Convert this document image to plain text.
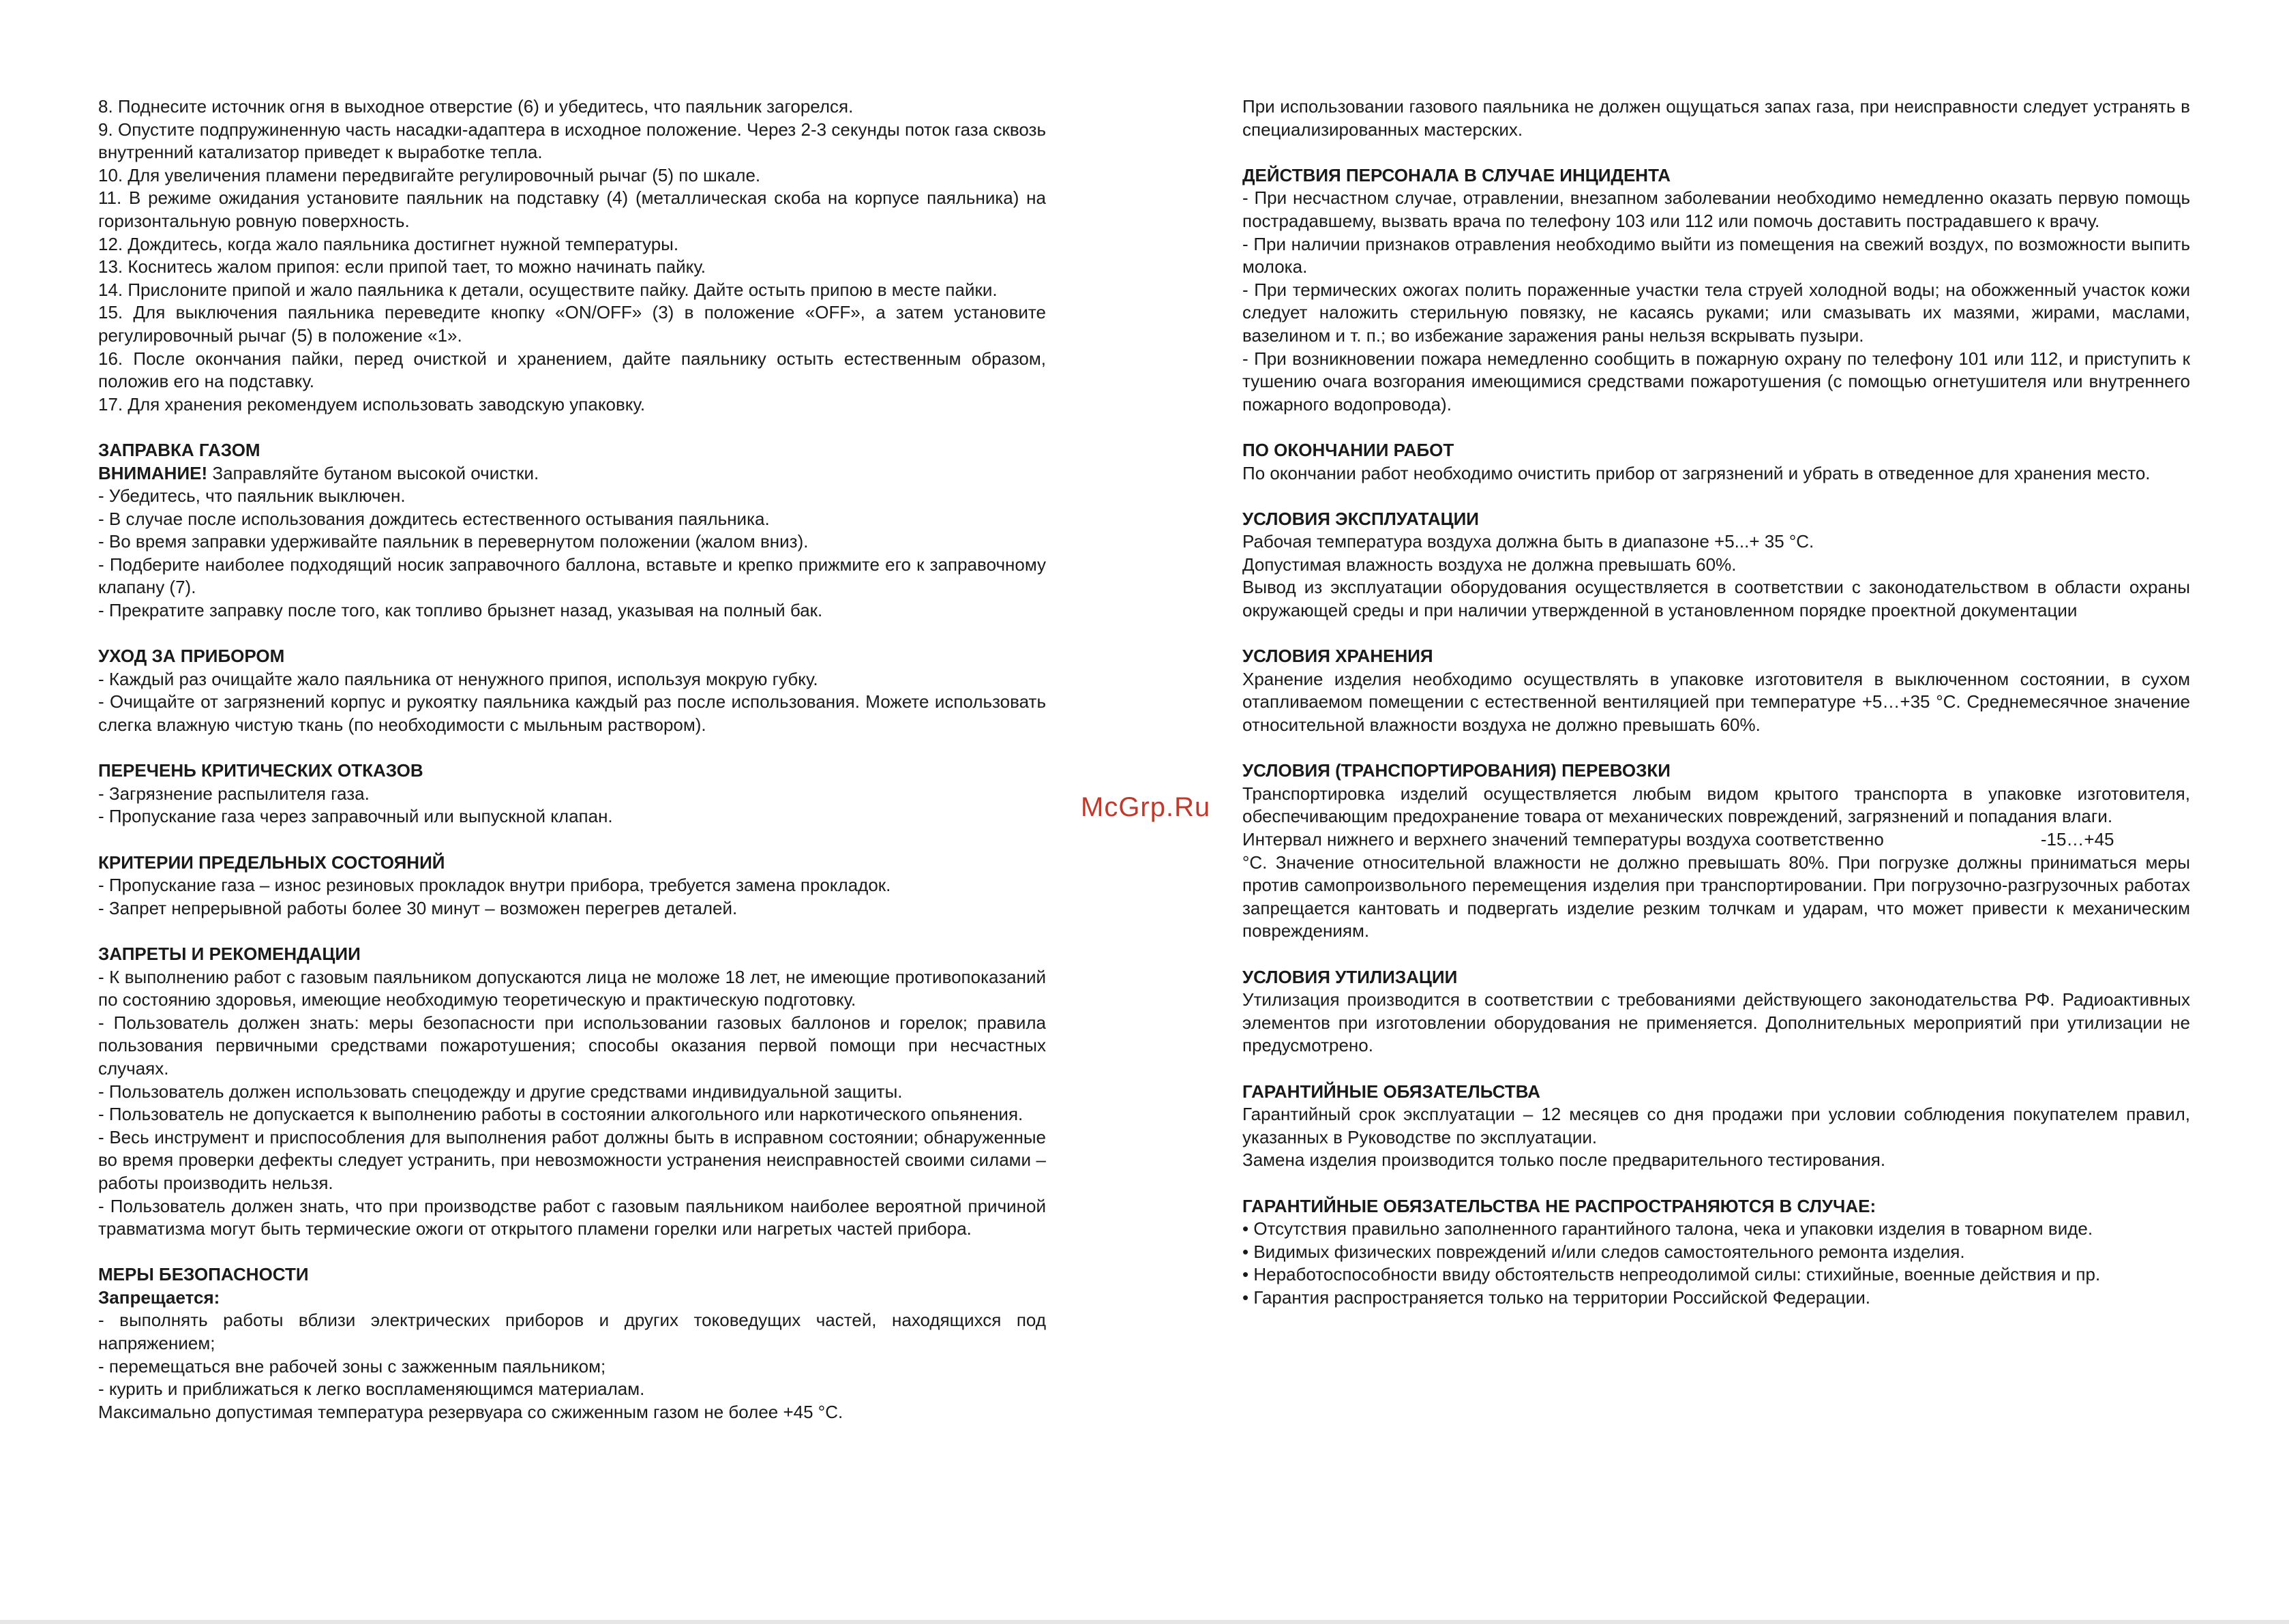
8. Поднесите источник огня в выходное отверстие (6) и убедитесь, что паяльник загорелся.

9. Опустите подпружиненную часть насадки-адаптера в исходное положение. Через 2-3 секунды поток газа сквозь внутренний катализатор приведет к выработке тепла.

10. Для увеличения пламени передвигайте регулировочный рычаг (5) по шкале.

11. В режиме ожидания установите паяльник на подставку (4) (металлическая скоба на корпусе паяльника) на горизонтальную ровную поверхность.

12. Дождитесь, когда жало паяльника достигнет нужной температуры.

13. Коснитесь жалом припоя: если припой тает, то можно начинать пайку.

14. Прислоните припой и жало паяльника к детали, осуществите пайку. Дайте остыть припою в месте пайки.

15. Для выключения паяльника переведите кнопку «ON/OFF» (3) в положение «OFF», а затем установите регулировочный рычаг (5) в положение «1».

16. После окончания пайки, перед очисткой и хранением, дайте паяльнику остыть естественным образом, положив его на подставку.

17. Для хранения рекомендуем использовать заводскую упаковку.

ЗАПРАВКА ГАЗОМ

ВНИМАНИЕ! Заправляйте бутаном высокой очистки.

- Убедитесь, что паяльник выключен.

- В случае после использования дождитесь естественного остывания паяльника.

- Во время заправки удерживайте паяльник в перевернутом положении (жалом вниз).

- Подберите наиболее подходящий носик заправочного баллона, вставьте и крепко прижмите его к заправочному клапану (7).

- Прекратите заправку после того, как топливо брызнет назад, указывая на полный бак.

УХОД ЗА ПРИБОРОМ

- Каждый раз очищайте жало паяльника от ненужного припоя, используя мокрую губку.

- Очищайте от загрязнений корпус и рукоятку паяльника каждый раз после использования. Можете использовать слегка влажную чистую ткань (по необходимости с мыльным раствором).

ПЕРЕЧЕНЬ КРИТИЧЕСКИХ ОТКАЗОВ

- Загрязнение распылителя газа.

- Пропускание газа через заправочный или выпускной клапан.

КРИТЕРИИ ПРЕДЕЛЬНЫХ СОСТОЯНИЙ

- Пропускание газа – износ резиновых прокладок внутри прибора, требуется замена прокладок.

- Запрет непрерывной работы более 30 минут – возможен перегрев деталей.

ЗАПРЕТЫ И РЕКОМЕНДАЦИИ

- К выполнению работ с газовым паяльником допускаются лица не моложе 18 лет, не имеющие противопоказаний по состоянию здоровья, имеющие необходимую теоретическую и практическую подготовку.

- Пользователь должен знать: меры безопасности при использовании газовых баллонов и горелок; правила пользования первичными средствами пожаротушения; способы оказания первой помощи при несчастных случаях.

- Пользователь должен использовать спецодежду и другие средствами индивидуальной защиты.

- Пользователь не допускается к выполнению работы в состоянии алкогольного или наркотического опьянения.

- Весь инструмент и приспособления для выполнения работ должны быть в исправном состоянии; обнаруженные во время проверки дефекты следует устранить, при невозможности устранения неисправностей своими силами – работы производить нельзя.

- Пользователь должен знать, что при производстве работ с газовым паяльником наиболее вероятной причиной травматизма могут быть термические ожоги от открытого пламени горелки или нагретых частей прибора.

МЕРЫ БЕЗОПАСНОСТИ

Запрещается:

- выполнять работы вблизи электрических приборов и других токоведущих частей, находящихся под напряжением;

- перемещаться вне рабочей зоны с зажженным паяльником;

- курить и приближаться к легко воспламеняющимся материалам.

Максимально допустимая температура резервуара со сжиженным газом не более +45 °С.

McGrp.Ru

При использовании газового паяльника не должен ощущаться запах газа, при неисправности следует устранять в специализированных мастерских.

ДЕЙСТВИЯ ПЕРСОНАЛА В СЛУЧАЕ ИНЦИДЕНТА

- При несчастном случае, отравлении, внезапном заболевании необходимо немедленно оказать первую помощь пострадавшему, вызвать врача по телефону 103 или 112 или помочь доставить пострадавшего к врачу.

- При наличии признаков отравления необходимо выйти из помещения на свежий воздух, по возможности выпить молока.

- При термических ожогах полить пораженные участки тела струей холодной воды; на обожженный участок кожи следует наложить стерильную повязку, не касаясь руками; или смазывать их мазями, жирами, маслами, вазелином и т. п.; во избежание заражения раны нельзя вскрывать пузыри.

- При возникновении пожара немедленно сообщить в пожарную охрану по телефону 101 или 112, и приступить к тушению очага возгорания имеющимися средствами пожаротушения (с помощью огнетушителя или внутреннего пожарного водопровода).

ПО ОКОНЧАНИИ РАБОТ

По окончании работ необходимо очистить прибор от загрязнений и убрать в отведенное для хранения место.

УСЛОВИЯ ЭКСПЛУАТАЦИИ

Рабочая температура воздуха должна быть в диапазоне +5...+ 35 °С.

Допустимая влажность воздуха не должна превышать 60%.

Вывод из эксплуатации оборудования осуществляется в соответствии с законодательством в области охраны окружающей среды и при наличии утвержденной в установленном порядке проектной документации

УСЛОВИЯ ХРАНЕНИЯ

Хранение изделия необходимо осуществлять в упаковке изготовителя в выключенном состоянии, в сухом отапливаемом помещении с естественной вентиляцией при температуре +5…+35 °С. Среднемесячное значение относительной влажности воздуха не должно превышать 60%.

УСЛОВИЯ (ТРАНСПОРТИРОВАНИЯ) ПЕРЕВОЗКИ

Транспортировка изделий осуществляется любым видом крытого транспорта в упаковке изготовителя, обеспечивающим предохранение товара от механических повреждений, загрязнений и попадания влаги.

Интервал нижнего и верхнего значений температуры воздуха соответственно	-15…+45

°С. Значение относительной влажности не должно превышать 80%. При погрузке должны приниматься меры против самопроизвольного перемещения изделия при транспортировании. При погрузочно-разгрузочных работах запрещается кантовать и подвергать изделие резким толчкам и ударам, что может привести к механическим повреждениям.

УСЛОВИЯ УТИЛИЗАЦИИ

Утилизация производится в соответствии с требованиями действующего законодательства РФ. Радиоактивных элементов при изготовлении оборудования не применяется. Дополнительных мероприятий при утилизации не предусмотрено.

ГАРАНТИЙНЫЕ ОБЯЗАТЕЛЬСТВА

Гарантийный срок эксплуатации – 12 месяцев со дня продажи при условии соблюдения покупателем правил, указанных в Руководстве по эксплуатации.

Замена изделия производится только после предварительного тестирования.

ГАРАНТИЙНЫЕ ОБЯЗАТЕЛЬСТВА НЕ РАСПРОСТРАНЯЮТСЯ В СЛУЧАЕ:

• Отсутствия правильно заполненного гарантийного талона, чека и упаковки изделия в товарном виде.

• Видимых физических повреждений и/или следов самостоятельного ремонта изделия.

• Неработоспособности ввиду обстоятельств непреодолимой силы: стихийные, военные действия и пр.

• Гарантия распространяется только на территории Российской Федерации.
